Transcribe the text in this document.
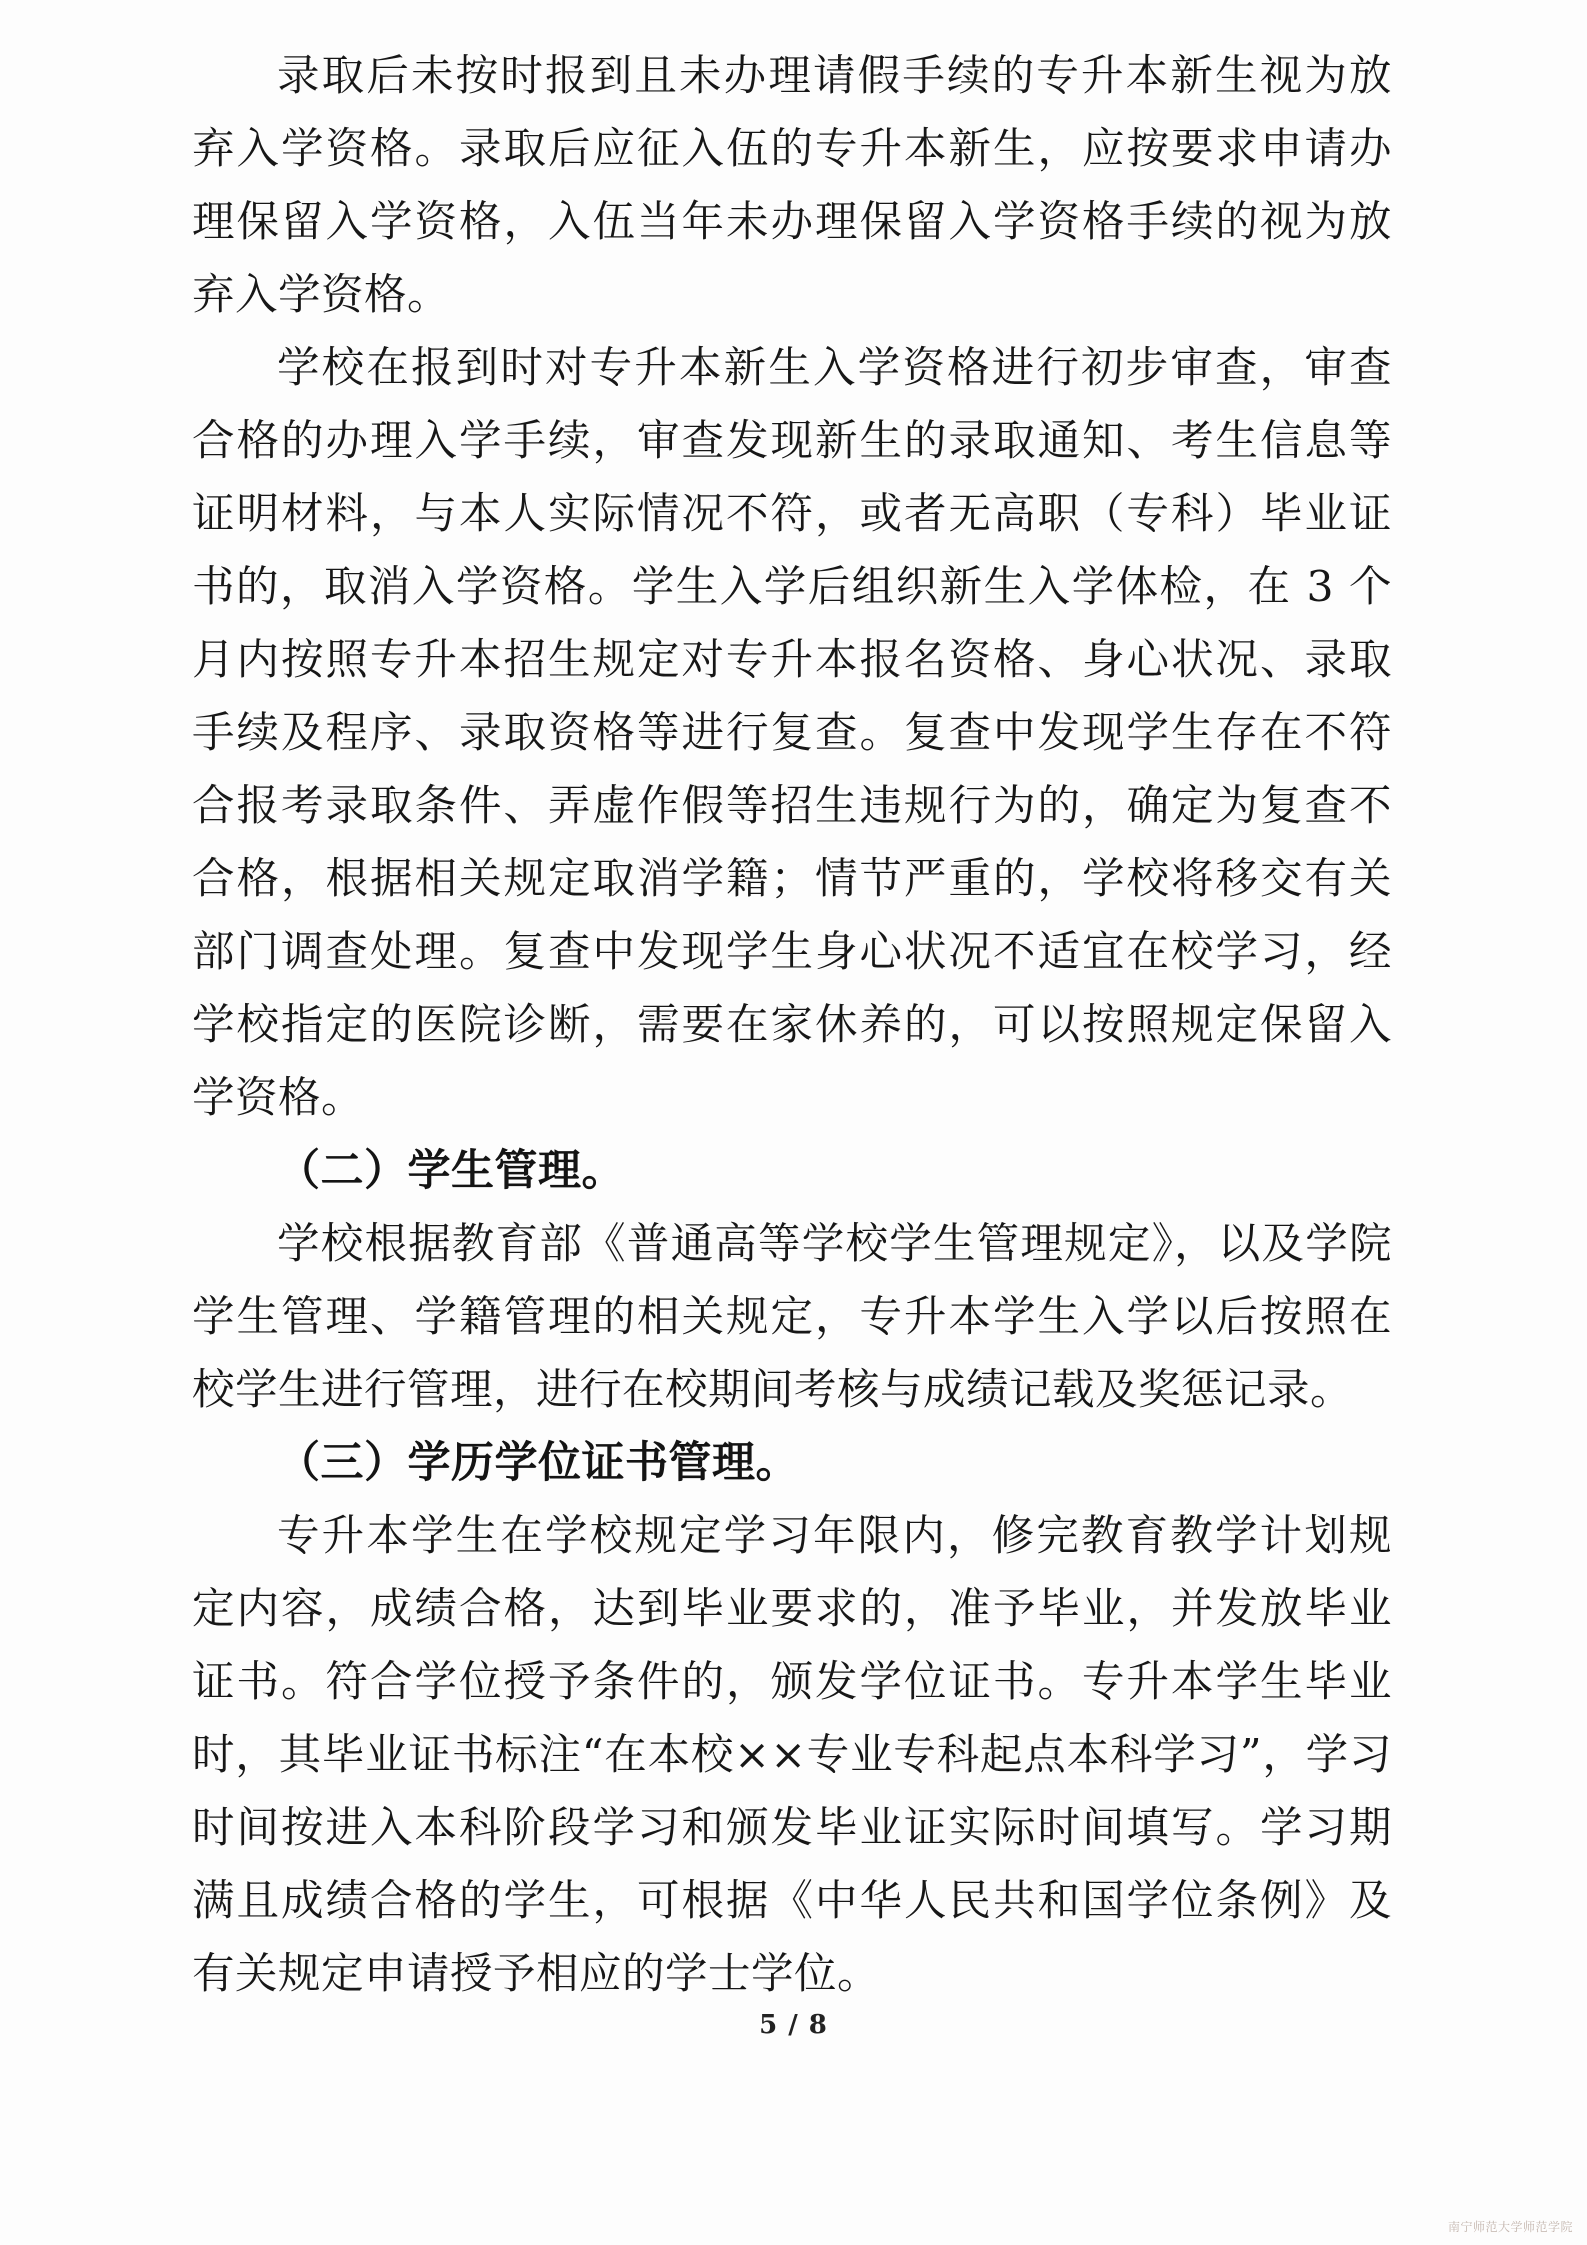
录取后未按时报到且未办理请假手续的专升本新生视为放弃入学资格。录取后应征入伍的专升本新生，应按要求申请办理保留入学资格，入伍当年未办理保留入学资格手续的视为放弃入学资格。

学校在报到时对专升本新生入学资格进行初步审查，审查合格的办理入学手续，审查发现新生的录取通知、考生信息等证明材料，与本人实际情况不符，或者无高职（专科）毕业证书的，取消入学资格。学生入学后组织新生入学体检，在 3 个月内按照专升本招生规定对专升本报名资格、身心状况、录取手续及程序、录取资格等进行复查。复查中发现学生存在不符合报考录取条件、弄虚作假等招生违规行为的，确定为复查不合格，根据相关规定取消学籍；情节严重的，学校将移交有关部门调查处理。复查中发现学生身心状况不适宜在校学习，经学校指定的医院诊断，需要在家休养的，可以按照规定保留入学资格。

（二）学生管理。

学校根据教育部《普通高等学校学生管理规定》，以及学院学生管理、学籍管理的相关规定，专升本学生入学以后按照在校学生进行管理，进行在校期间考核与成绩记载及奖惩记录。

（三）学历学位证书管理。

专升本学生在学校规定学习年限内，修完教育教学计划规定内容，成绩合格，达到毕业要求的，准予毕业，并发放毕业证书。符合学位授予条件的，颁发学位证书。专升本学生毕业时，其毕业证书标注“在本校××专业专科起点本科学习”，学习时间按进入本科阶段学习和颁发毕业证实际时间填写。学习期满且成绩合格的学生，可根据《中华人民共和国学位条例》及有关规定申请授予相应的学士学位。

5 / 8
南宁师范大学师范学院
